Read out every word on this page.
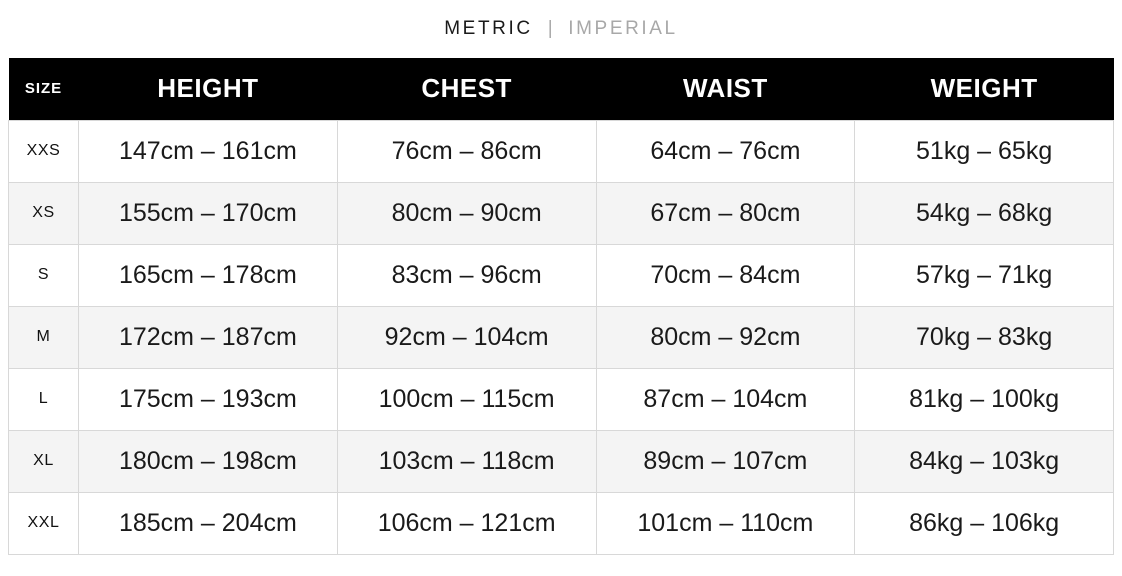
METRIC | IMPERIAL
SIZE	HEIGHT	CHEST	WAIST	WEIGHT
XXS	147cm – 161cm	76cm – 86cm	64cm – 76cm	51kg – 65kg
XS	155cm – 170cm	80cm – 90cm	67cm – 80cm	54kg – 68kg
S	165cm – 178cm	83cm – 96cm	70cm – 84cm	57kg – 71kg
M	172cm – 187cm	92cm – 104cm	80cm – 92cm	70kg – 83kg
L	175cm – 193cm	100cm – 115cm	87cm – 104cm	81kg – 100kg
XL	180cm – 198cm	103cm – 118cm	89cm – 107cm	84kg – 103kg
XXL	185cm – 204cm	106cm – 121cm	101cm – 110cm	86kg – 106kg
